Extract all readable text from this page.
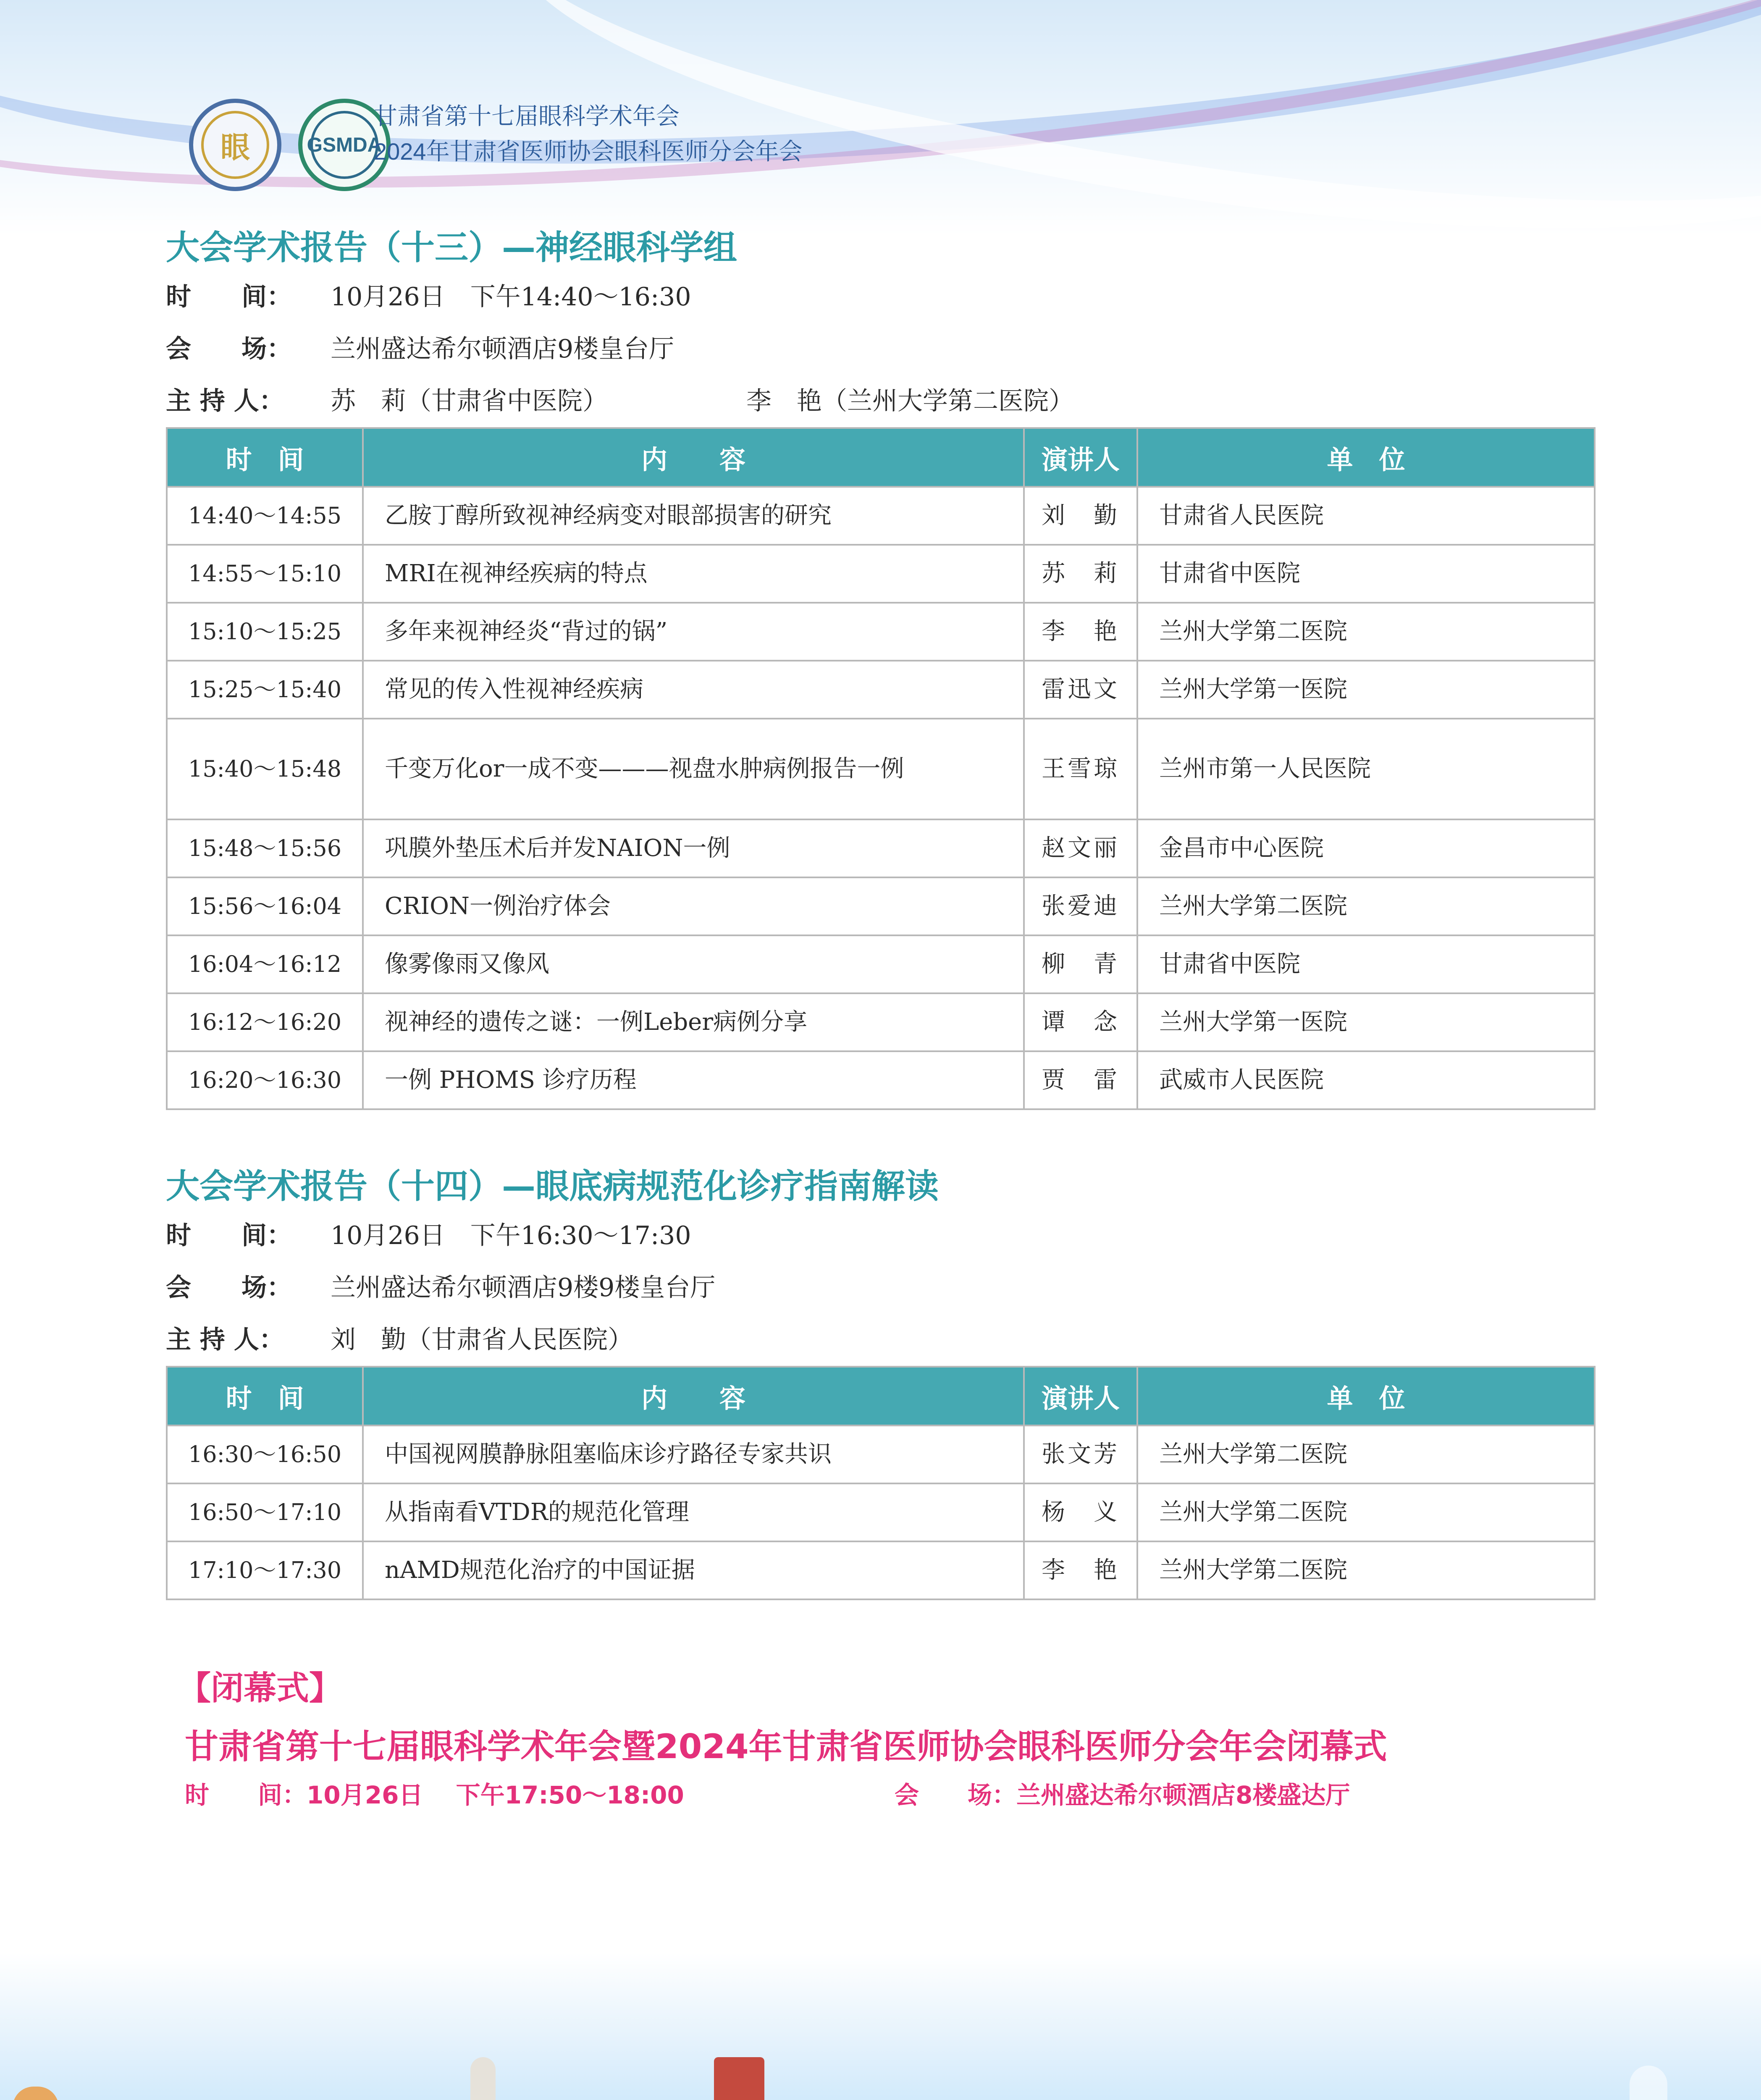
眼	GSMDA
甘肃省第十七届眼科学术年会
2024年甘肃省医师协会眼科医师分会年会
大会学术报告（十三）—神经眼科学组
时　　间： 10月26日　下午14:40～16:30
会　　场： 兰州盛达希尔顿酒店9楼皇台厅
主 持 人： 苏　莉（甘肃省中医院）　　　　　　李　艳（兰州大学第二医院）
时　间	内　　容	演讲人	单　位
14:40～14:55	乙胺丁醇所致视神经病变对眼部损害的研究	刘　勤	甘肃省人民医院
14:55～15:10	MRI在视神经疾病的特点	苏　莉	甘肃省中医院
15:10～15:25	多年来视神经炎“背过的锅”	李　艳	兰州大学第二医院
15:25～15:40	常见的传入性视神经疾病	雷迅文	兰州大学第一医院
15:40～15:48	千变万化or一成不变———视盘水肿病例报告一例	王雪琼	兰州市第一人民医院
15:48～15:56	巩膜外垫压术后并发NAION一例	赵文丽	金昌市中心医院
15:56～16:04	CRION一例治疗体会	张爱迪	兰州大学第二医院
16:04～16:12	像雾像雨又像风	柳　青	甘肃省中医院
16:12～16:20	视神经的遗传之谜：一例Leber病例分享	谭　念	兰州大学第一医院
16:20～16:30	一例 PHOMS 诊疗历程	贾　雷	武威市人民医院
大会学术报告（十四）—眼底病规范化诊疗指南解读
时　　间： 10月26日　下午16:30～17:30
会　　场： 兰州盛达希尔顿酒店9楼9楼皇台厅
主 持 人： 刘　勤（甘肃省人民医院）
时　间	内　　容	演讲人	单　位
16:30～16:50	中国视网膜静脉阻塞临床诊疗路径专家共识	张文芳	兰州大学第二医院
16:50～17:10	从指南看VTDR的规范化管理	杨　义	兰州大学第二医院
17:10～17:30	nAMD规范化治疗的中国证据	李　艳	兰州大学第二医院
【闭幕式】
甘肃省第十七届眼科学术年会暨2024年甘肃省医师协会眼科医师分会年会闭幕式
时　　间：10月26日　 下午17:50～18:00	会　　场：兰州盛达希尔顿酒店8楼盛达厅
